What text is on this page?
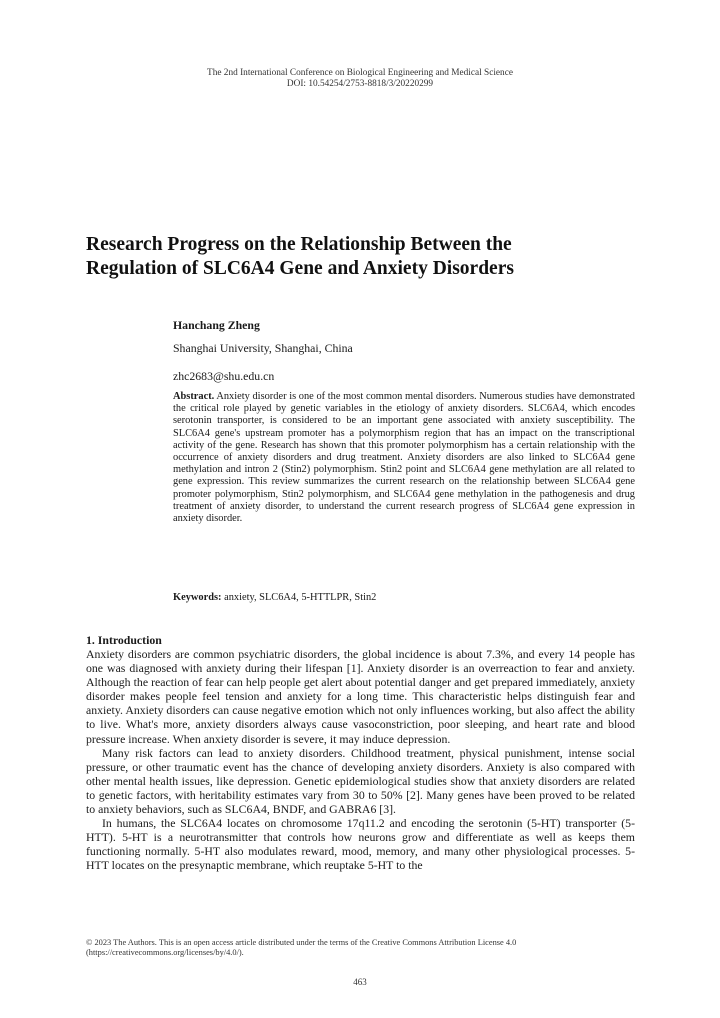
The 2nd International Conference on Biological Engineering and Medical Science
DOI: 10.54254/2753-8818/3/20220299
Research Progress on the Relationship Between the
Regulation of SLC6A4 Gene and Anxiety Disorders
Hanchang Zheng
Shanghai University, Shanghai, China
zhc2683@shu.edu.cn
Abstract. Anxiety disorder is one of the most common mental disorders. Numerous studies have demonstrated the critical role played by genetic variables in the etiology of anxiety disorders. SLC6A4, which encodes serotonin transporter, is considered to be an important gene associated with anxiety susceptibility. The SLC6A4 gene's upstream promoter has a polymorphism region that has an impact on the transcriptional activity of the gene. Research has shown that this promoter polymorphism has a certain relationship with the occurrence of anxiety disorders and drug treatment. Anxiety disorders are also linked to SLC6A4 gene methylation and intron 2 (Stin2) polymorphism. Stin2 point and SLC6A4 gene methylation are all related to gene expression. This review summarizes the current research on the relationship between SLC6A4 gene promoter polymorphism, Stin2 polymorphism, and SLC6A4 gene methylation in the pathogenesis and drug treatment of anxiety disorder, to understand the current research progress of SLC6A4 gene expression in anxiety disorder.
Keywords: anxiety, SLC6A4, 5-HTTLPR, Stin2
1. Introduction

Anxiety disorders are common psychiatric disorders, the global incidence is about 7.3%, and every 14 people has one was diagnosed with anxiety during their lifespan [1]. Anxiety disorder is an overreaction to fear and anxiety. Although the reaction of fear can help people get alert about potential danger and get prepared immediately, anxiety disorder makes people feel tension and anxiety for a long time. This characteristic helps distinguish fear and anxiety. Anxiety disorders can cause negative emotion which not only influences working, but also affect the ability to live. What's more, anxiety disorders always cause vasoconstriction, poor sleeping, and heart rate and blood pressure increase. When anxiety disorder is severe, it may induce depression.

Many risk factors can lead to anxiety disorders. Childhood treatment, physical punishment, intense social pressure, or other traumatic event has the chance of developing anxiety disorders. Anxiety is also compared with other mental health issues, like depression. Genetic epidemiological studies show that anxiety disorders are related to genetic factors, with heritability estimates vary from 30 to 50% [2]. Many genes have been proved to be related to anxiety behaviors, such as SLC6A4, BNDF, and GABRA6 [3].

In humans, the SLC6A4 locates on chromosome 17q11.2 and encoding the serotonin (5-HT) transporter (5-HTT). 5-HT is a neurotransmitter that controls how neurons grow and differentiate as well as keeps them functioning normally. 5-HT also modulates reward, mood, memory, and many other physiological processes. 5-HTT locates on the presynaptic membrane, which reuptake 5-HT to the

© 2023 The Authors. This is an open access article distributed under the terms of the Creative Commons Attribution License 4.0
(https://creativecommons.org/licenses/by/4.0/).
463
